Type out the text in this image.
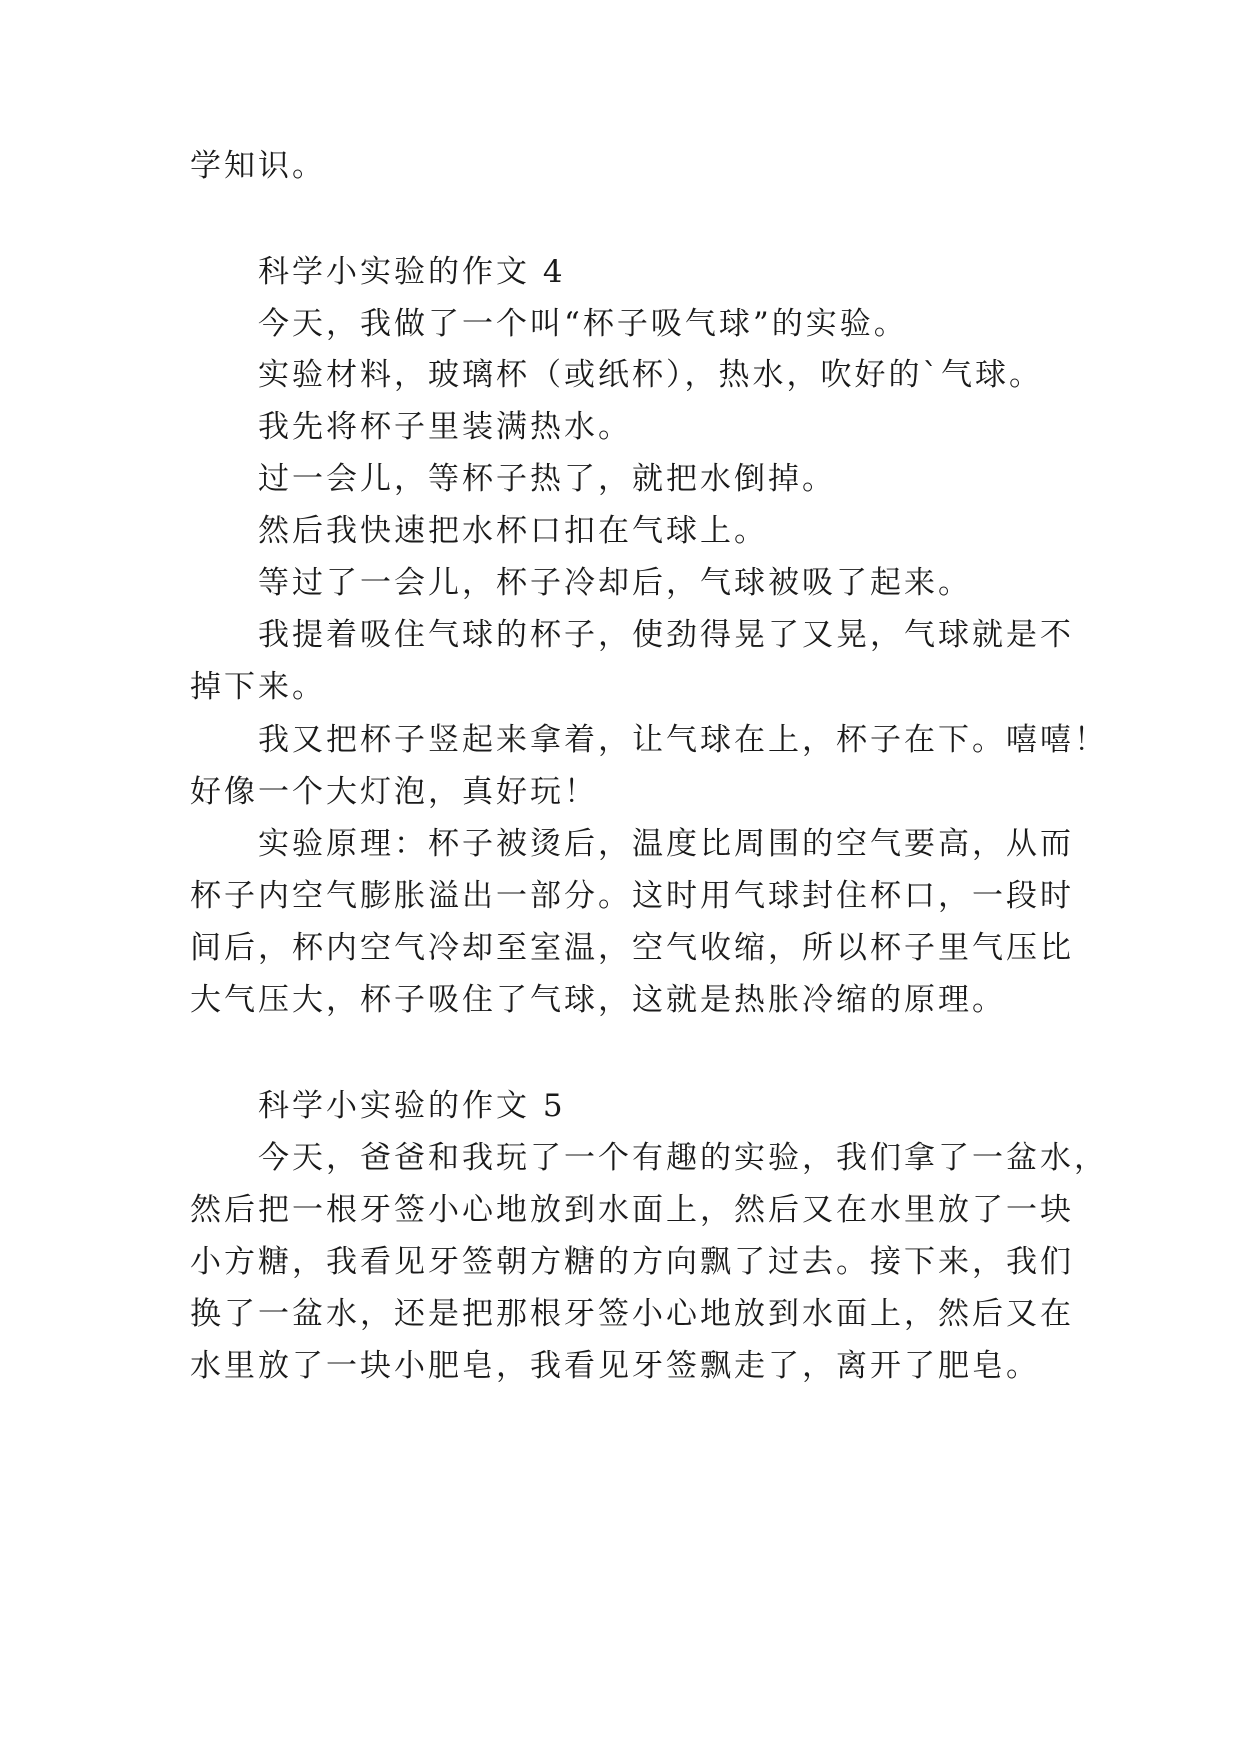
学知识。
科学小实验的作文 4
今天，我做了一个叫“杯子吸气球”的实验。
实验材料，玻璃杯（或纸杯），热水，吹好的`气球。
我先将杯子里装满热水。
过一会儿，等杯子热了，就把水倒掉。
然后我快速把水杯口扣在气球上。
等过了一会儿，杯子冷却后，气球被吸了起来。
我提着吸住气球的杯子，使劲得晃了又晃，气球就是不
掉下来。
我又把杯子竖起来拿着，让气球在上，杯子在下。嘻嘻！
好像一个大灯泡，真好玩！
实验原理：杯子被烫后，温度比周围的空气要高，从而
杯子内空气膨胀溢出一部分。这时用气球封住杯口，一段时
间后，杯内空气冷却至室温，空气收缩，所以杯子里气压比
大气压大，杯子吸住了气球，这就是热胀冷缩的原理。
科学小实验的作文 5
今天，爸爸和我玩了一个有趣的实验，我们拿了一盆水，
然后把一根牙签小心地放到水面上，然后又在水里放了一块
小方糖，我看见牙签朝方糖的方向飘了过去。接下来，我们
换了一盆水，还是把那根牙签小心地放到水面上，然后又在
水里放了一块小肥皂，我看见牙签飘走了，离开了肥皂。
